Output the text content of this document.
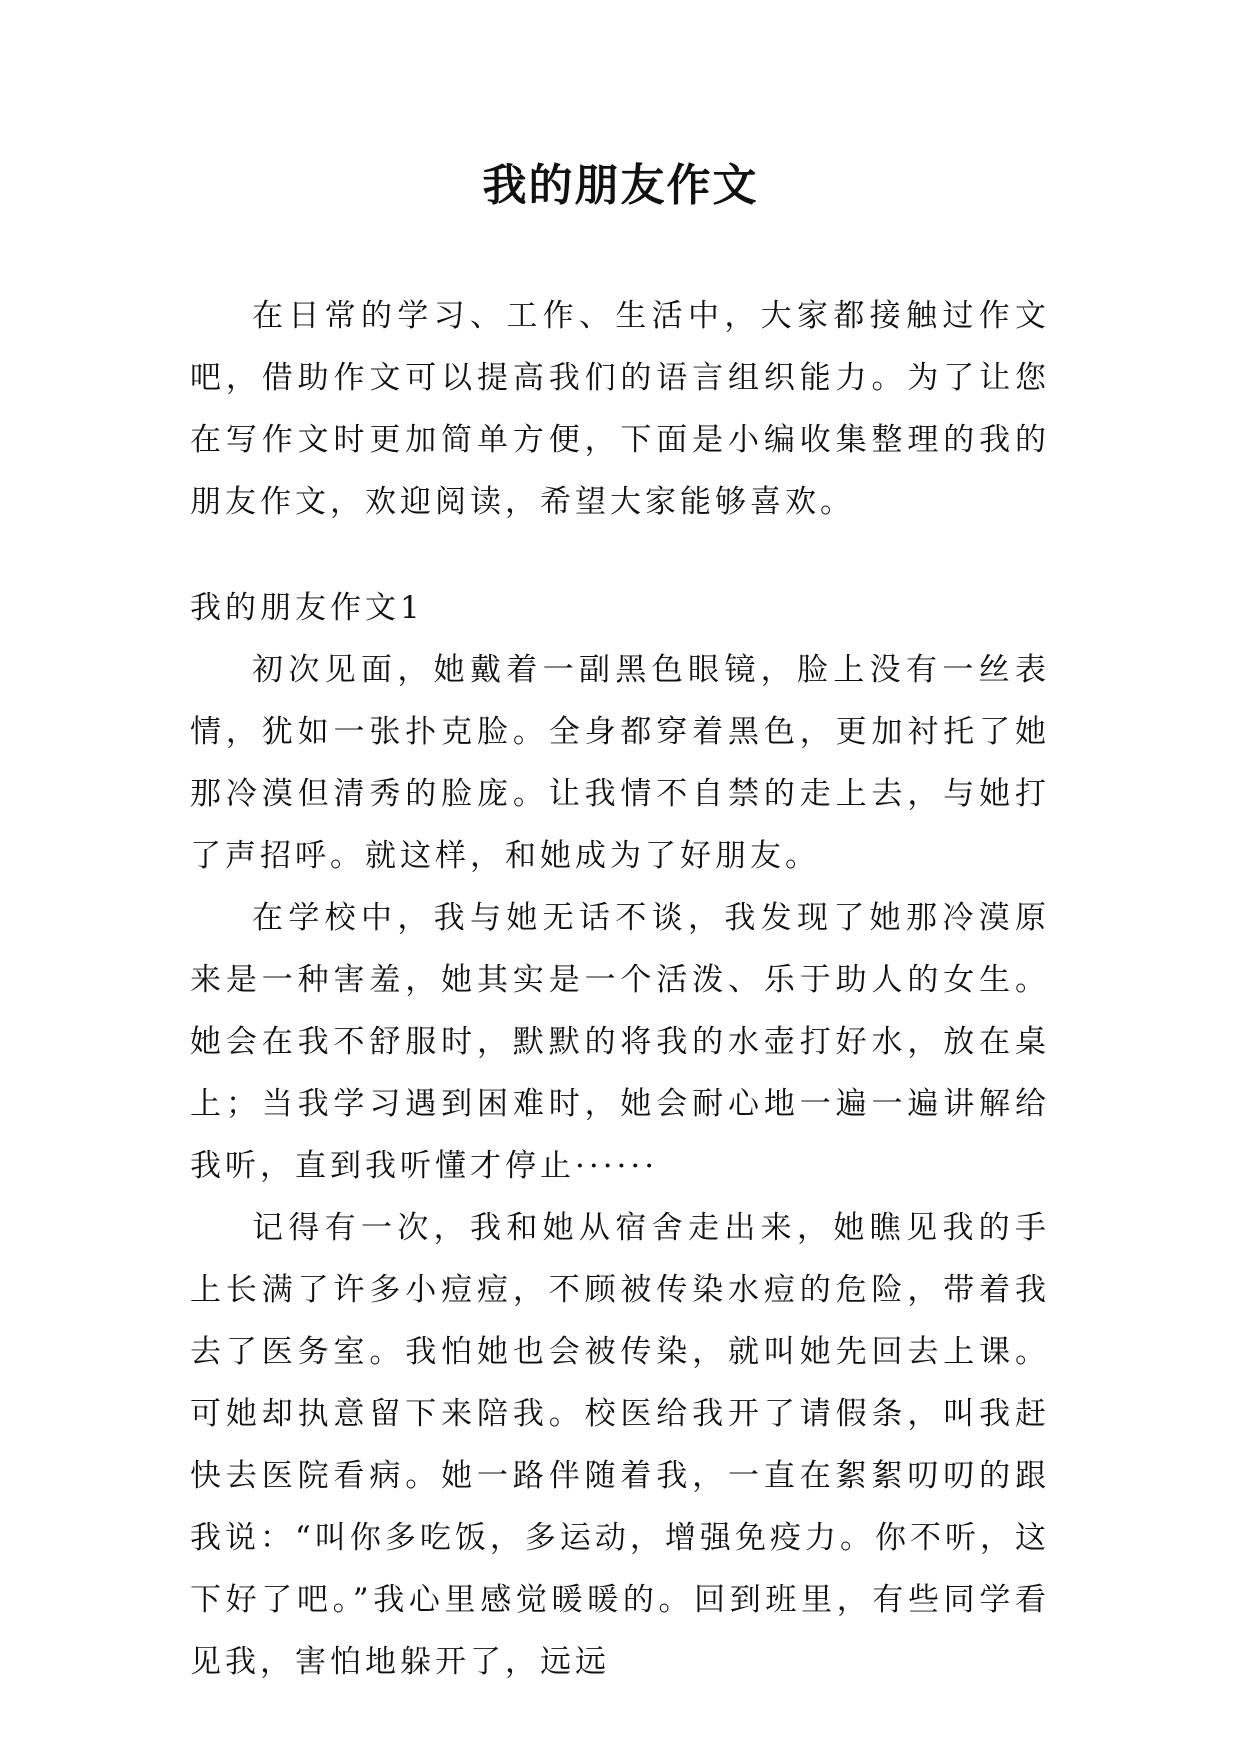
我的朋友作文

在日常的学习、工作、生活中，大家都接触过作文吧，借助作文可以提高我们的语言组织能力。为了让您在写作文时更加简单方便，下面是小编收集整理的我的朋友作文，欢迎阅读，希望大家能够喜欢。

我的朋友作文1

初次见面，她戴着一副黑色眼镜，脸上没有一丝表情，犹如一张扑克脸。全身都穿着黑色，更加衬托了她那冷漠但清秀的脸庞。让我情不自禁的走上去，与她打了声招呼。就这样，和她成为了好朋友。

在学校中，我与她无话不谈，我发现了她那冷漠原来是一种害羞，她其实是一个活泼、乐于助人的女生。她会在我不舒服时，默默的将我的水壶打好水，放在桌上；当我学习遇到困难时，她会耐心地一遍一遍讲解给我听，直到我听懂才停止······

记得有一次，我和她从宿舍走出来，她瞧见我的手上长满了许多小痘痘，不顾被传染水痘的危险，带着我去了医务室。我怕她也会被传染，就叫她先回去上课。可她却执意留下来陪我。校医给我开了请假条，叫我赶快去医院看病。她一路伴随着我，一直在絮絮叨叨的跟我说：“叫你多吃饭，多运动，增强免疫力。你不听，这下好了吧。”我心里感觉暖暖的。回到班里，有些同学看见我，害怕地躲开了，远远
